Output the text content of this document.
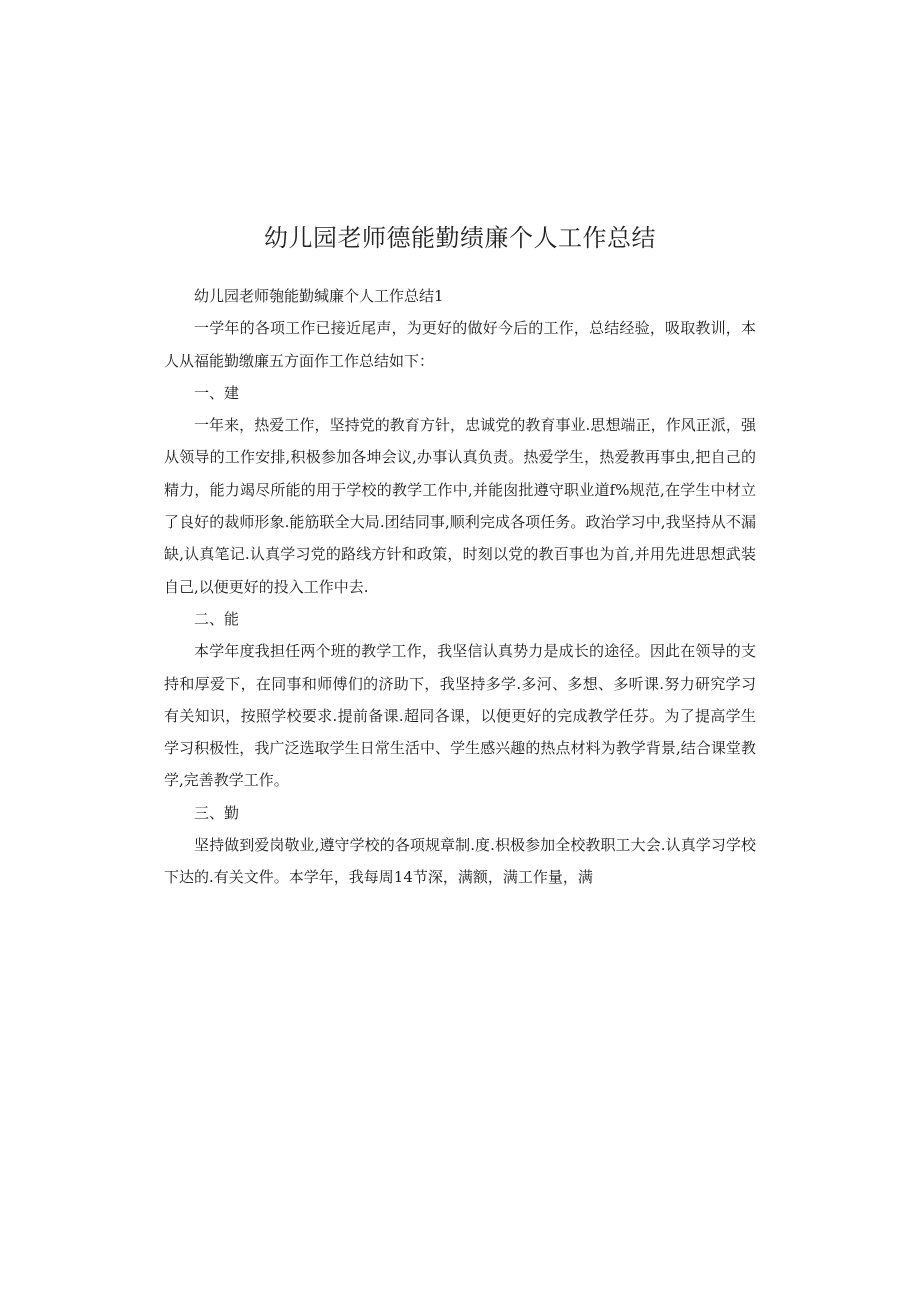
幼儿园老师德能勤绩廉个人工作总结

幼儿园老师匏能勤缄廉个人工作总结1

一学年的各项工作已接近尾声，为更好的做好今后的工作，总结经验，吸取教训，本人从福能勤缴廉五方面作工作总结如下：

一、建

一年来，热爱工作，坚持党的教育方针，忠诚党的教育事业.思想端正，作风正派，强从领导的工作安排,积极参加各坤会议,办事认真负责。热爱学生，热爱教再事虫,把自己的精力，能力竭尽所能的用于学校的教学工作中,并能囱批遵守职业道f%规范,在学生中材立了良好的裁师形象.能筋联全大局.团结同事,顺利完成各项任务。政治学习中,我坚持从不漏缺,认真笔记.认真学习党的路线方针和政策，时刻以党的教百事也为首,并用先进思想武装自己,以便更好的投入工作中去.

二、能

本学年度我担任两个班的教学工作，我坚信认真势力是成长的途径。因此在领导的支持和厚爱下，在同事和师傅们的济助下，我坚持多学.多河、多想、多听课.努力研究学习有关知识，按照学校要求.提前备课.超同各课，以便更好的完成教学任芬。为了提高学生学习积极性，我广泛选取学生日常生活中、学生感兴趣的热点材料为教学背景,结合课堂教学,完善教学工作。

三、勤

坚持做到爱岗敬业,遵守学校的各项规章制.度.枳极参加全校教职工大会.认真学习学校下达的.有关文件。本学年，我每周14节深，满额，满工作量，满
